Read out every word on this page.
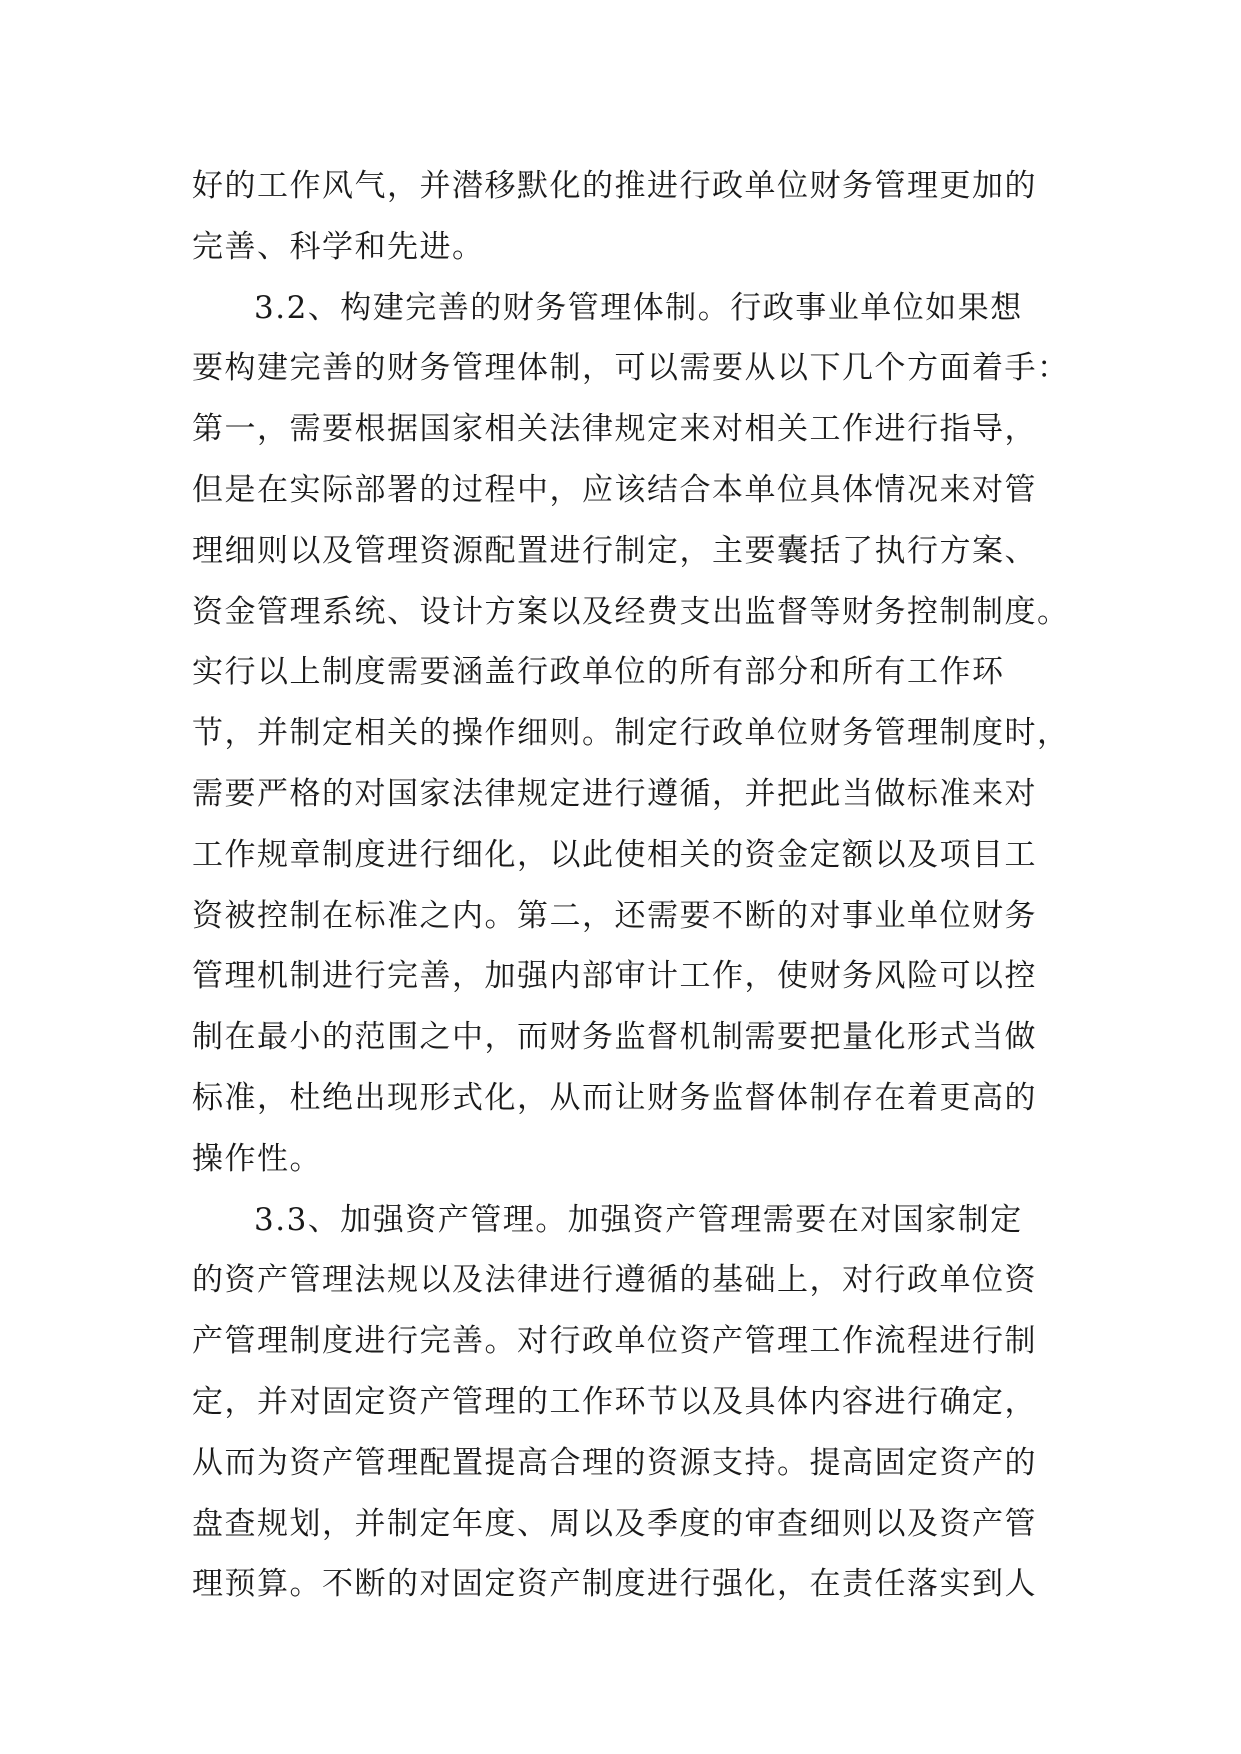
好的工作风气，并潜移默化的推进行政单位财务管理更加的
完善、科学和先进。
3.2、构建完善的财务管理体制。行政事业单位如果想
要构建完善的财务管理体制，可以需要从以下几个方面着手：
第一，需要根据国家相关法律规定来对相关工作进行指导，
但是在实际部署的过程中，应该结合本单位具体情况来对管
理细则以及管理资源配置进行制定，主要囊括了执行方案、
资金管理系统、设计方案以及经费支出监督等财务控制制度。
实行以上制度需要涵盖行政单位的所有部分和所有工作环
节，并制定相关的操作细则。制定行政单位财务管理制度时，
需要严格的对国家法律规定进行遵循，并把此当做标准来对
工作规章制度进行细化，以此使相关的资金定额以及项目工
资被控制在标准之内。第二，还需要不断的对事业单位财务
管理机制进行完善，加强内部审计工作，使财务风险可以控
制在最小的范围之中，而财务监督机制需要把量化形式当做
标准，杜绝出现形式化，从而让财务监督体制存在着更高的
操作性。
3.3、加强资产管理。加强资产管理需要在对国家制定
的资产管理法规以及法律进行遵循的基础上，对行政单位资
产管理制度进行完善。对行政单位资产管理工作流程进行制
定，并对固定资产管理的工作环节以及具体内容进行确定，
从而为资产管理配置提高合理的资源支持。提高固定资产的
盘查规划，并制定年度、周以及季度的审查细则以及资产管
理预算。不断的对固定资产制度进行强化，在责任落实到人
